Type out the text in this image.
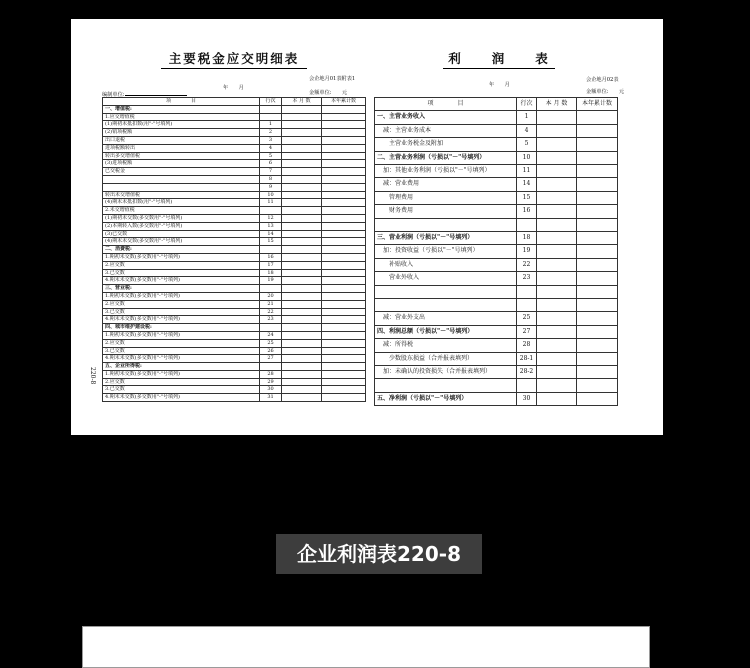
主要税金应交明细表
年　　月
会企地月01表附表1
编制单位:	金额单位:　　元
项　　　　目	行次	本 月 数	本年累计数
一、增值税:			
1.应交增值税			
(1)期初未抵扣数(用"-"号填列)	1		
(2)销项税额	2		
出口退税	3		
进项税额转出	4		
转出多交增值税	5		
(3)进项税额	6		
已交税金	7		
	8		
	9		
转出未交增值税	10		
(4)期末未抵扣数(用"-"号填列)	11		
2.未交增值税			
(1)期初未交数(多交数用"-"号填列)	12		
(2)本期转入数(多交数用"-"号填列)	13		
(3)已交数	14		
(4)期末未交数(多交数用"-"号填列)	15		
二、消费税:			
1.期初未交数(多交数用"-"号填列)	16		
2.应交数	17		
3.已交数	18		
4.期末未交数(多交数用"-"号填列)	19		
三、营业税:			
1.期初未交数(多交数用"-"号填列)	20		
2.应交数	21		
3.已交数	22		
4.期末未交数(多交数用"-"号填列)	23		
四、城市维护建设税:			
1.期初未交数(多交数用"-"号填列)	24		
2.应交数	25		
3.已交数	26		
4.期末未交数(多交数用"-"号填列)	27		
五、企业所得税:			
1.期初未交数(多交数用"-"号填列)	28		
2.应交数	29		
3.已交数	30		
4.期末未交数(多交数用"-"号填列)	31		
利　　润　　表
年　　月
会企地月02表
金额单位:　　元
项　　　　目	行次	本 月 数	本年累计数
一、主营业务收入	1		
　减：主营业务成本	4		
　　主营业务税金及附加	5		
二、主营业务利润（亏损以"－"号填列）	10		
　加：其他业务利润（亏损以"－"号填列）	11		
　减：营业费用	14		
　　管理费用	15		
　　财务费用	16		

三、营业利润（亏损以"－"号填列）	18		
　加：投资收益（亏损以"－"号填列）	19		
　　补贴收入	22		
　　营业外收入	23		

　减：营业外支出	25		
四、利润总额（亏损以"－"号填列）	27		
　减：所得税	28		
　　少数股东损益（合并报表填列）	28-1		
　加：未确认的投资损失（合并报表填列）	28-2		

五、净利润（亏损以"－"号填列）	30		
220-8
企业利润表220-8
